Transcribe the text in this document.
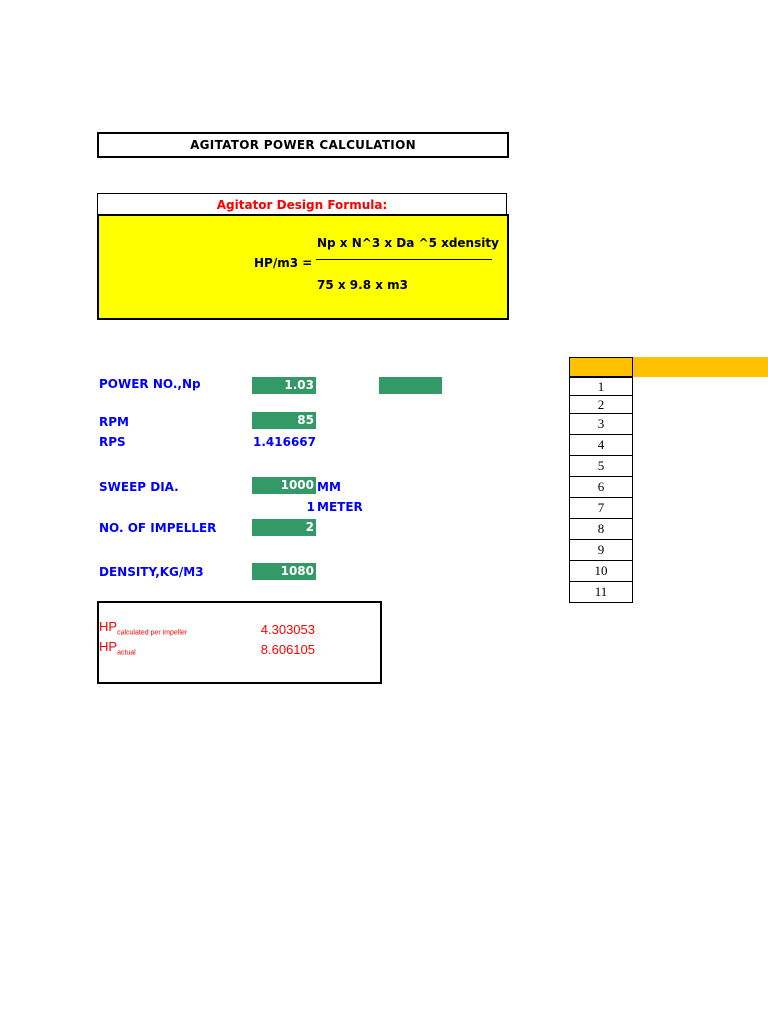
AGITATOR POWER CALCULATION
Agitator Design Formula:
HP/m3 =
Np x N^3 x Da ^5 xdensity
75 x 9.8 x m3
POWER NO.,Np	1.03
RPM	85
RPS	1.416667
SWEEP DIA.	1000 MM
1 METER
NO. OF IMPELLER	2
DENSITY,KG/M3	1080
$HP_{calculated per impeller}$	4.303053
$HP_{actual}$	8.606105
1
2
3
4
5
6
7
8
9
10
11
